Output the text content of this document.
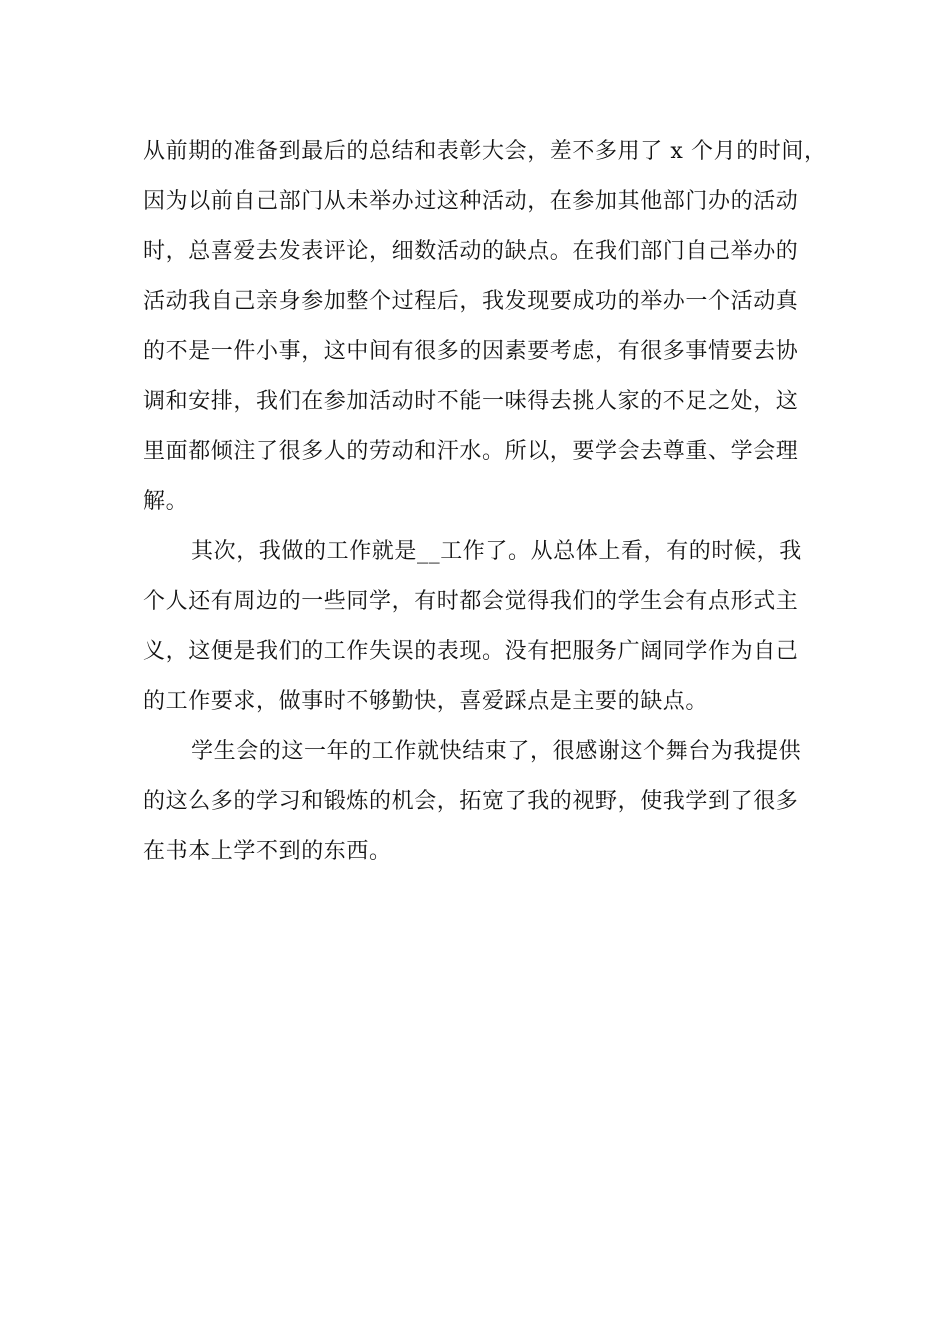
从前期的准备到最后的总结和表彰大会，差不多用了 x 个月的时间，
因为以前自己部门从未举办过这种活动，在参加其他部门办的活动
时，总喜爱去发表评论，细数活动的缺点。在我们部门自己举办的
活动我自己亲身参加整个过程后，我发现要成功的举办一个活动真
的不是一件小事，这中间有很多的因素要考虑，有很多事情要去协
调和安排，我们在参加活动时不能一味得去挑人家的不足之处，这
里面都倾注了很多人的劳动和汗水。所以，要学会去尊重、学会理
解。
其次，我做的工作就是__工作了。从总体上看，有的时候，我
个人还有周边的一些同学，有时都会觉得我们的学生会有点形式主
义，这便是我们的工作失误的表现。没有把服务广阔同学作为自己
的工作要求，做事时不够勤快，喜爱踩点是主要的缺点。
学生会的这一年的工作就快结束了，很感谢这个舞台为我提供
的这么多的学习和锻炼的机会，拓宽了我的视野，使我学到了很多
在书本上学不到的东西。
